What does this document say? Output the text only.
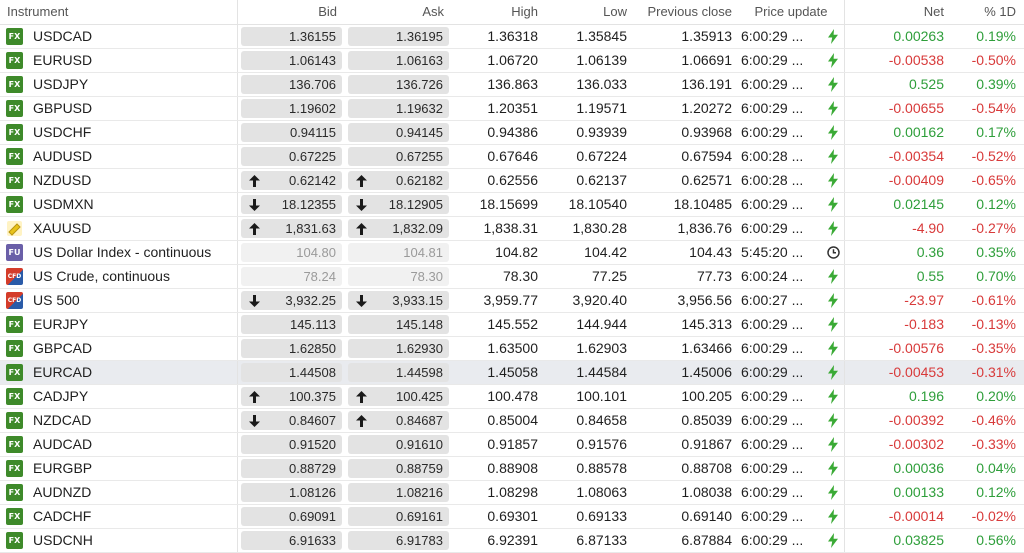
Instrument	Bid	Ask	High	Low	Previous close	Price update	Net	% 1D
FX USDCAD	1.36155	1.36195	1.36318	1.35845	1.35913 6:00:29 ...	0.00263	0.19%
FX EURUSD	1.06143	1.06163	1.06720	1.06139	1.06691 6:00:29 ...	-0.00538	-0.50%
FX USDJPY	136.706	136.726	136.863	136.033	136.191 6:00:29 ...	0.525	0.39%
FX GBPUSD	1.19602	1.19632	1.20351	1.19571	1.20272 6:00:29 ...	-0.00655	-0.54%
FX USDCHF	0.94115	0.94145	0.94386	0.93939	0.93968 6:00:29 ...	0.00162	0.17%
FX AUDUSD	0.67225	0.67255	0.67646	0.67224	0.67594 6:00:28 ...	-0.00354	-0.52%
FX NZDUSD	0.62142	0.62182	0.62556	0.62137	0.62571 6:00:28 ...	-0.00409	-0.65%
FX USDMXN	18.12355	18.12905	18.15699	18.10540	18.10485 6:00:29 ...	0.02145	0.12%
XAUUSD	1,831.63	1,832.09	1,838.31	1,830.28	1,836.76 6:00:29 ...	-4.90	-0.27%
FU US Dollar Index - continuous	104.80	104.81	104.82	104.42	104.43 5:45:20 ...	0.36	0.35%
CFD US Crude, continuous	78.24	78.30	78.30	77.25	77.73 6:00:24 ...	0.55	0.70%
CFD US 500	3,932.25	3,933.15	3,959.77	3,920.40	3,956.56 6:00:27 ...	-23.97	-0.61%
FX EURJPY	145.113	145.148	145.552	144.944	145.313 6:00:29 ...	-0.183	-0.13%
FX GBPCAD	1.62850	1.62930	1.63500	1.62903	1.63466 6:00:29 ...	-0.00576	-0.35%
FX EURCAD	1.44508	1.44598	1.45058	1.44584	1.45006 6:00:29 ...	-0.00453	-0.31%
FX CADJPY	100.375	100.425	100.478	100.101	100.205 6:00:29 ...	0.196	0.20%
FX NZDCAD	0.84607	0.84687	0.85004	0.84658	0.85039 6:00:29 ...	-0.00392	-0.46%
FX AUDCAD	0.91520	0.91610	0.91857	0.91576	0.91867 6:00:29 ...	-0.00302	-0.33%
FX EURGBP	0.88729	0.88759	0.88908	0.88578	0.88708 6:00:29 ...	0.00036	0.04%
FX AUDNZD	1.08126	1.08216	1.08298	1.08063	1.08038 6:00:29 ...	0.00133	0.12%
FX CADCHF	0.69091	0.69161	0.69301	0.69133	0.69140 6:00:29 ...	-0.00014	-0.02%
FX USDCNH	6.91633	6.91783	6.92391	6.87133	6.87884 6:00:29 ...	0.03825	0.56%
